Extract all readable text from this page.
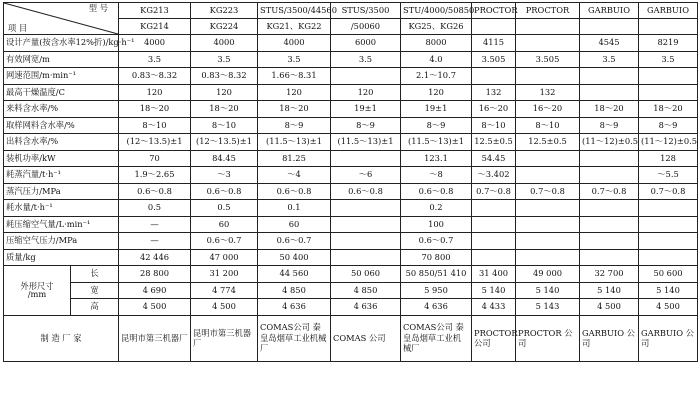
型 号
项 目		KG213	KG223	STUS/3500/44560	STUS/3500	STU/4000/50850	PROCTOR	PROCTOR	GARBUIO	GARBUIO
		KG214	KG224	KG21、KG22	/50060	KG25、KG26				
设计产量(按含水率12%折)/kg·h⁻¹		4000	4000	4000	6000	8000	4115		4545	8219
有效网宽/m		3.5	3.5	3.5	3.5	4.0	3.505	3.505	3.5	3.5
网速范围/m·min⁻¹		0.83～8.32	0.83～8.32	1.66～8.31		2.1～10.7				
最高干燥温度/C		120	120	120	120	120	132	132		
来料含水率/%		18～20	18～20	18～20	19±1	19±1	16～20	16～20	18～20	18～20
取样网料含水率/%		8～10	8～10	8～9	8～9	8～9	8～10	8～10	8～9	8～9
出料含水率/%		(12～13.5)±1	(12～13.5)±1	(11.5～13)±1	(11.5～13)±1	(11.5～13)±1	12.5±0.5	12.5±0.5	(11～12)±0.5	(11～12)±0.5
装机功率/kW		70	84.45	81.25		123.1	54.45			128
耗蒸汽量/t·h⁻¹		1.9～2.65	～3	～4	～6	～8	～3.402			～5.5
蒸汽压力/MPa		0.6～0.8	0.6～0.8	0.6～0.8	0.6～0.8	0.6～0.8	0.7～0.8	0.7～0.8	0.7～0.8	0.7～0.8
耗水量/t·h⁻¹		0.5	0.5	0.1		0.2				
耗压缩空气量/L·min⁻¹		—	60	60		100				
压缩空气压力/MPa		—	0.6～0.7	0.6～0.7		0.6～0.7				
质量/kg		42 446	47 000	50 400		70 800				

外形尺寸
/mm	长	28 800	31 200	44 560	50 060	50 850/51 410	31 400	49 000	32 700	50 600
	宽	4 690	4 774	4 850	4 850	5 950	5 140	5 140	5 140	5 140
	高	4 500	4 500	4 636	4 636	4 636	4 433	5 143	4 500	4 500
制 造 厂 家		昆明市第三机器厂	昆明市第三机器厂	COMAS公司 秦皇岛烟草工业机械厂	COMAS 公司	COMAS公司 秦皇岛烟草工业机械厂	PROCTOR 公司	PROCTOR 公司	GARBUIO 公司	GARBUIO 公司
